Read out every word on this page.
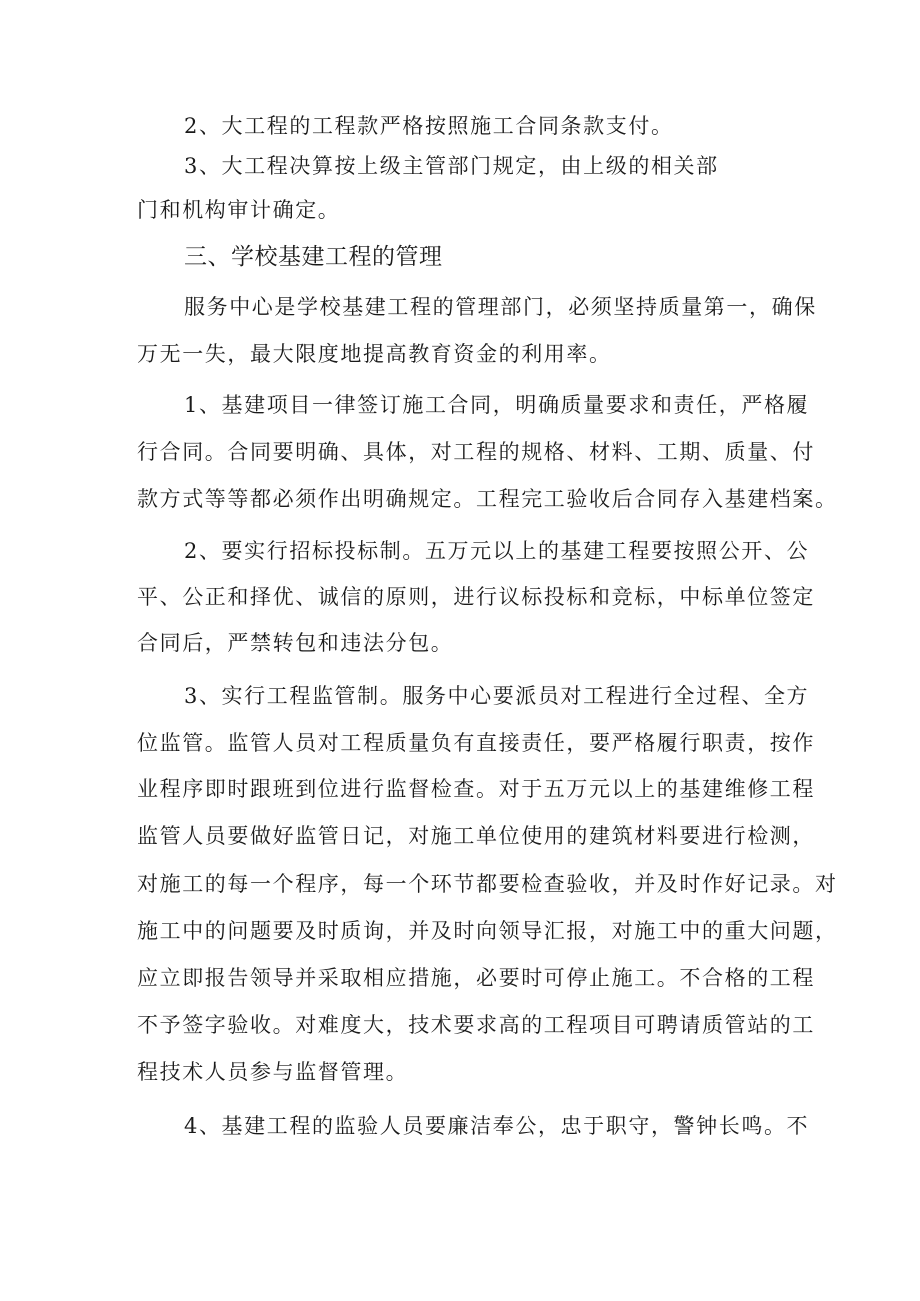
2、大工程的工程款严格按照施工合同条款支付。
3、大工程决算按上级主管部门规定，由上级的相关部
门和机构审计确定。
三、学校基建工程的管理
服务中心是学校基建工程的管理部门，必须坚持质量第一，确保
万无一失，最大限度地提高教育资金的利用率。
1、基建项目一律签订施工合同，明确质量要求和责任，严格履
行合同。合同要明确、具体，对工程的规格、材料、工期、质量、付
款方式等等都必须作出明确规定。工程完工验收后合同存入基建档案。
2、要实行招标投标制。五万元以上的基建工程要按照公开、公
平、公正和择优、诚信的原则，进行议标投标和竞标，中标单位签定
合同后，严禁转包和违法分包。
3、实行工程监管制。服务中心要派员对工程进行全过程、全方
位监管。监管人员对工程质量负有直接责任，要严格履行职责，按作
业程序即时跟班到位进行监督检查。对于五万元以上的基建维修工程
监管人员要做好监管日记，对施工单位使用的建筑材料要进行检测，
对施工的每一个程序，每一个环节都要检查验收，并及时作好记录。对
施工中的问题要及时质询，并及时向领导汇报，对施工中的重大问题，
应立即报告领导并采取相应措施，必要时可停止施工。不合格的工程
不予签字验收。对难度大，技术要求高的工程项目可聘请质管站的工
程技术人员参与监督管理。
4、基建工程的监验人员要廉洁奉公，忠于职守，警钟长鸣。不
